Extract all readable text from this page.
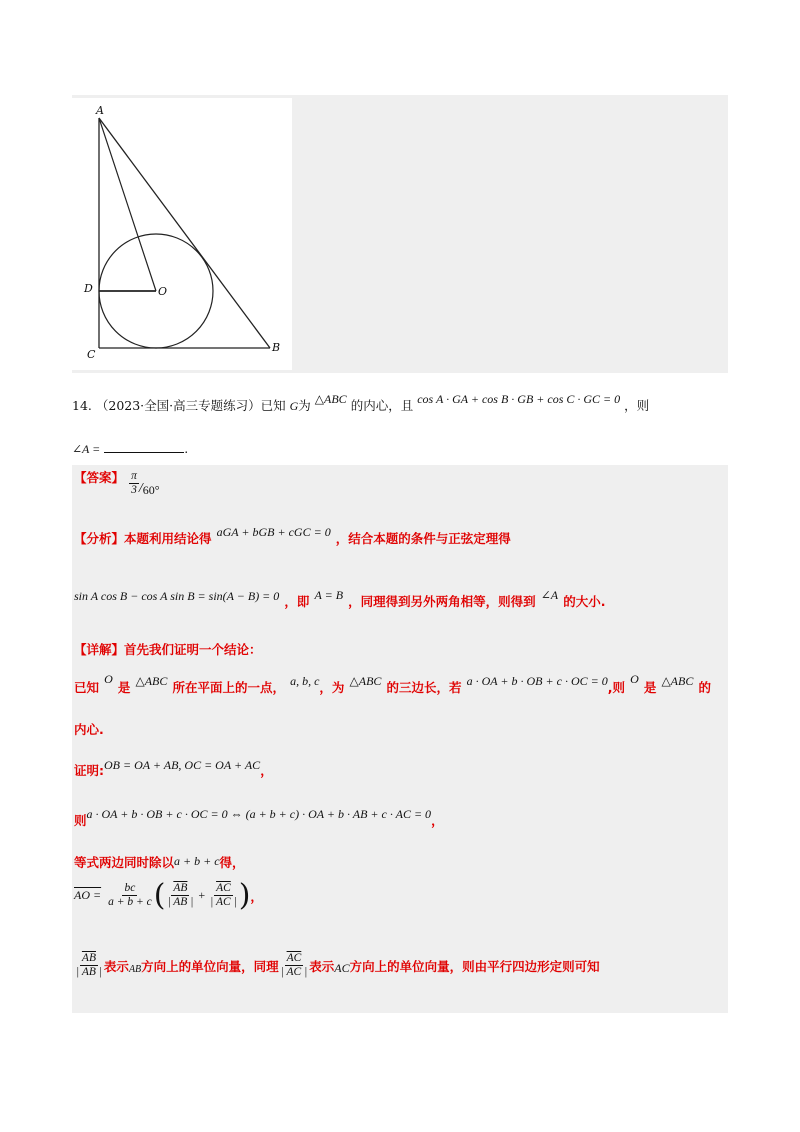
A
D	O
C
B
14. （2023·全国·高三专题练习）已知 G为 △ABC 的内心，且 cos A · GA + cos B · GB + cos C · GC = 0 ，则
∠A =	.
$^{【答案】} \frac{\pi}{3} /_{60^\circ}$
【分析】本题利用结论得 $^{aGA + bGB + cGC = 0}$ ，结合本题的条件与正弦定理得
$^{sin A cos B - cos A sin B = sin(A - B) = 0}$ ，即 $^{A = B}$ ，同理得到另外两角相等，则得到 $^{\angle A}$ 的大小.
【详解】首先我们证明一个结论：
已知 $^O$ 是 $^{\triangle ABC}$ 所在平面上的一点， $^{a, b, c}$，为 $^{\triangle ABC}$ 的三边长，若 $^{a \cdot OA + b \cdot OB + c \cdot OC = 0}$,则 $^O$ 是 $^{\triangle ABC}$ 的
内心.
证明:$^{OB = OA + AB, OC = OA + AC}$，
则$^{a \cdot OA + b \cdot OB + c \cdot OC = 0 \Leftrightarrow (a + b + c) \cdot OA + b \cdot AB + c \cdot AC = 0}$，
等式两边同时除以a + b + c得，
AO = $\frac{bc}{a + b + c}$ ( $\frac{\overline{AB}}{| AB |} + \frac{\overline{AC}}{| AC |}$ ) ，
$\frac{\overline{AB}}{| AB |}$ 表示 AB 方向上的单位向量，同理 $\frac{\overline{AC}}{| AC |}$ 表示 AC 方向上的单位向量，则由平行四边形定则可知
